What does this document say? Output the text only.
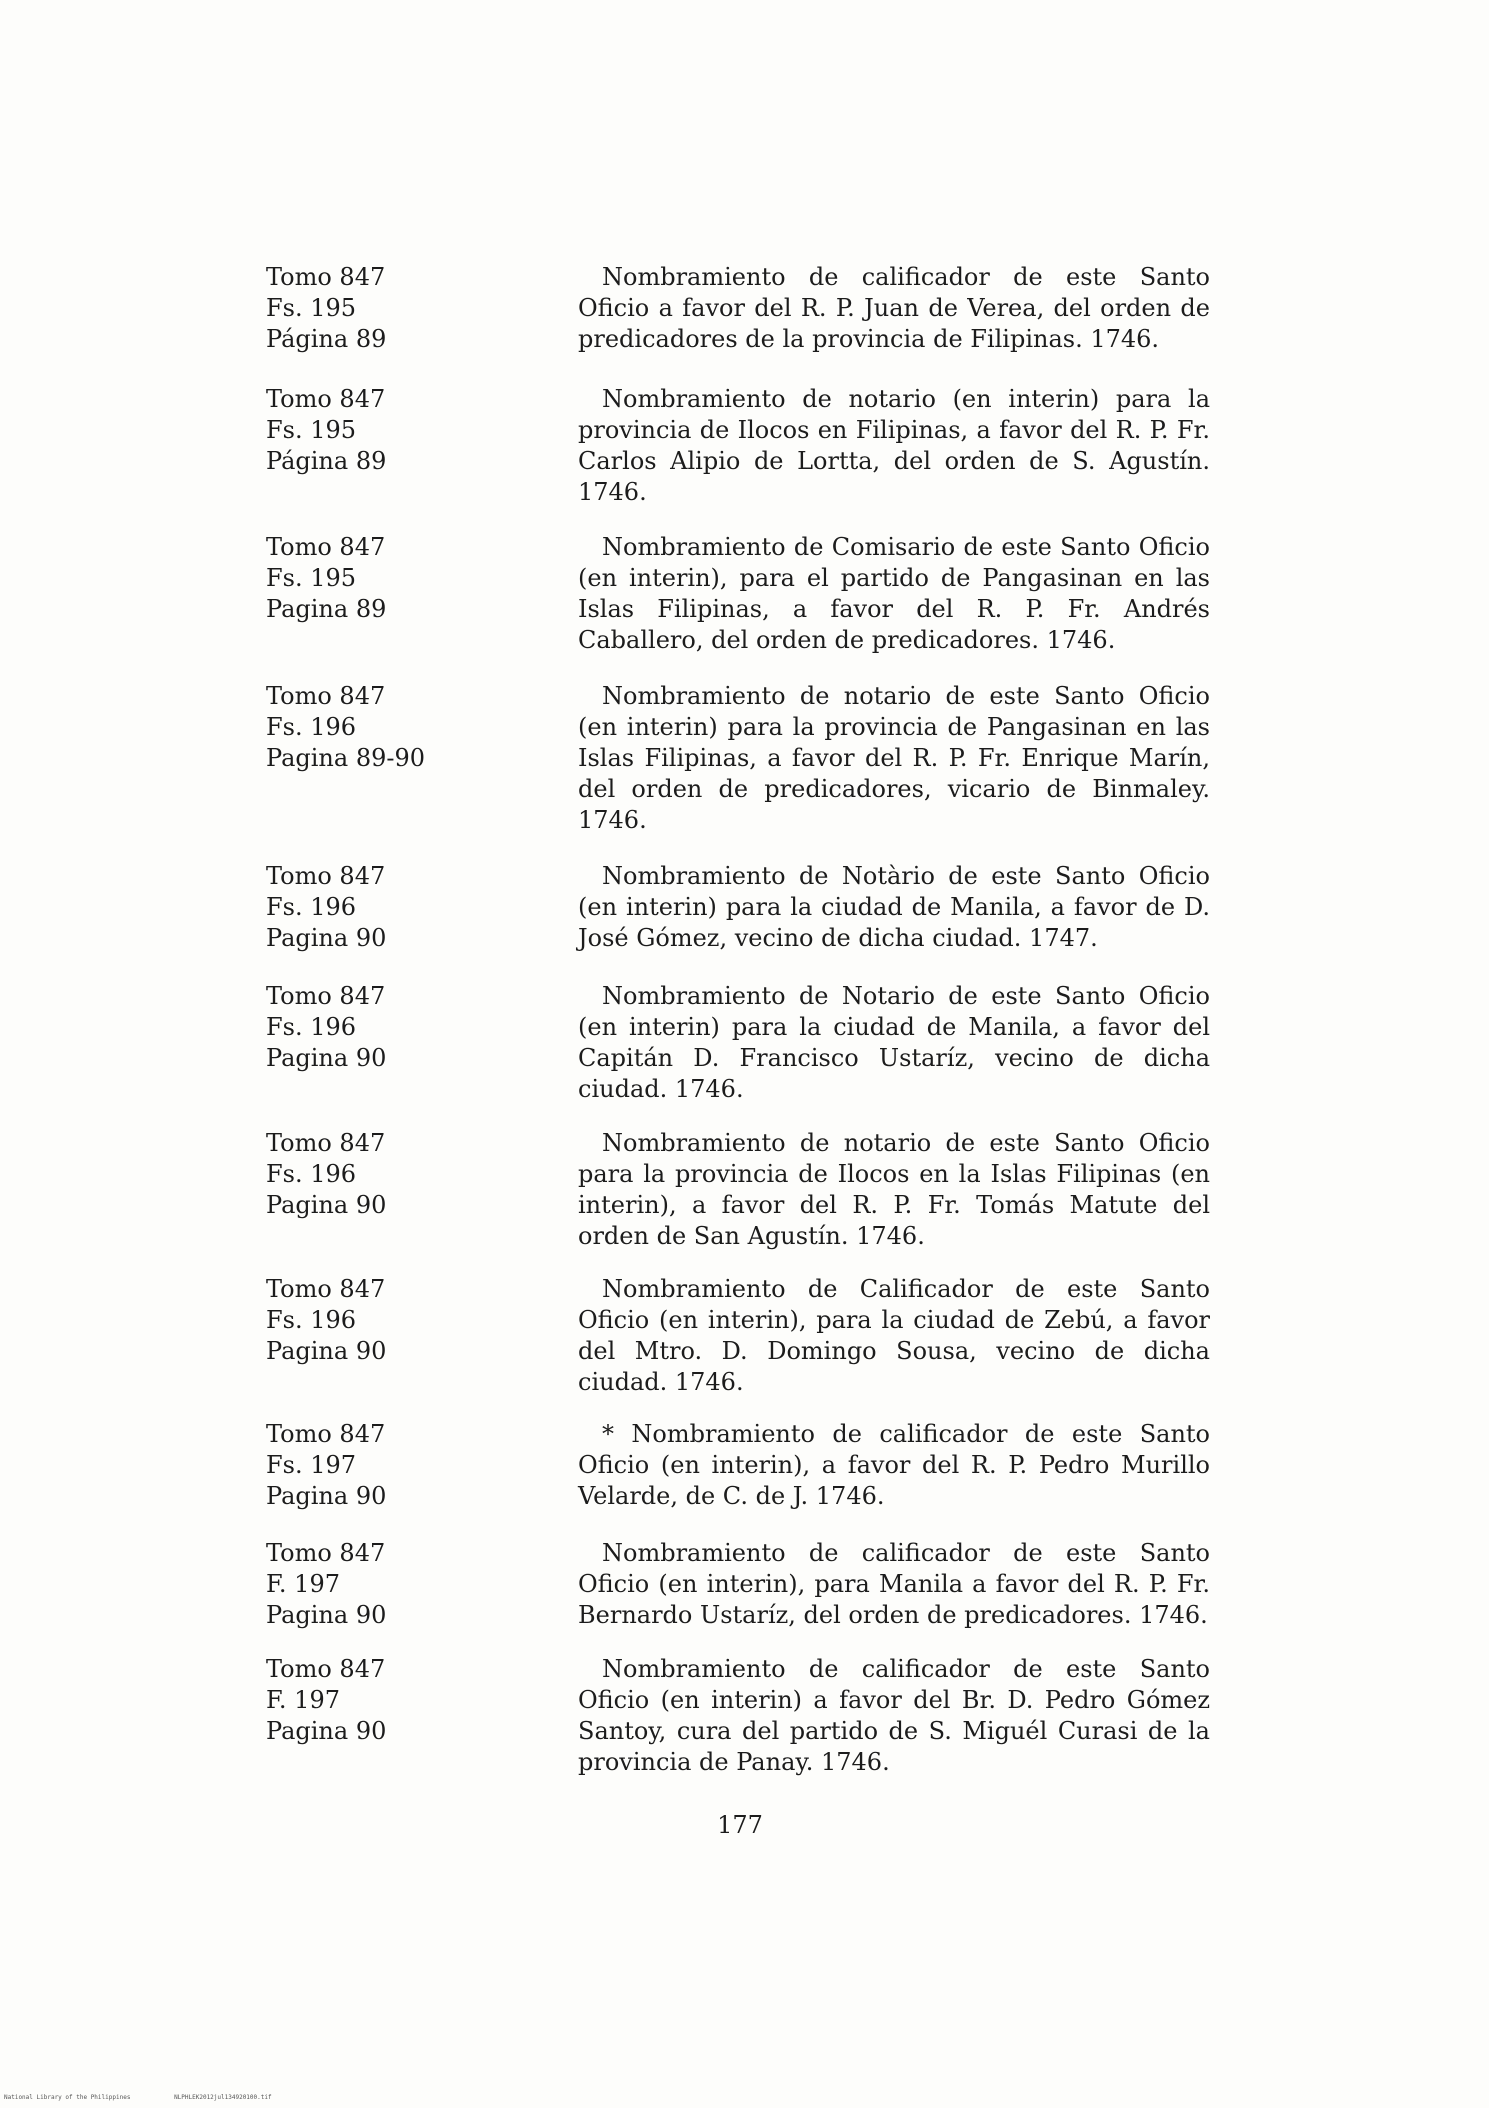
Tomo 847
Fs. 195
Página 89
Nombramiento de calificador de este Santo Oficio a favor del R. P. Juan de Verea, del orden de predicadores de la provincia de Filipinas. 1746.
Tomo 847
Fs. 195
Página 89
Nombramiento de notario (en interin) para la provincia de Ilocos en Filipinas, a favor del R. P. Fr. Carlos Alipio de Lortta, del orden de S. Agustín. 1746.
Tomo 847
Fs. 195
Pagina 89
Nombramiento de Comisario de este Santo Oficio (en interin), para el partido de Pangasinan en las Islas Filipinas, a favor del R. P. Fr. Andrés Caballero, del orden de predicadores. 1746.
Tomo 847
Fs. 196
Pagina 89-90
Nombramiento de notario de este Santo Oficio (en interin) para la provincia de Pangasinan en las Islas Filipinas, a favor del R. P. Fr. Enrique Marín, del orden de predicadores, vicario de Binmaley. 1746.
Tomo 847
Fs. 196
Pagina 90
Nombramiento de Notàrio de este Santo Oficio (en interin) para la ciudad de Manila, a favor de D. José Gómez, vecino de dicha ciudad. 1747.
Tomo 847
Fs. 196
Pagina 90
Nombramiento de Notario de este Santo Oficio (en interin) para la ciudad de Manila, a favor del Capitán D. Francisco Ustaríz, vecino de dicha ciudad. 1746.
Tomo 847
Fs. 196
Pagina 90
Nombramiento de notario de este Santo Oficio para la provincia de Ilocos en la Islas Filipinas (en interin), a favor del R. P. Fr. Tomás Matute del orden de San Agustín. 1746.
Tomo 847
Fs. 196
Pagina 90
Nombramiento de Calificador de este Santo Oficio (en interin), para la ciudad de Zebú, a favor del Mtro. D. Domingo Sousa, vecino de dicha ciudad. 1746.
Tomo 847
Fs. 197
Pagina 90
* Nombramiento de calificador de este Santo Oficio (en interin), a favor del R. P. Pedro Murillo Velarde, de C. de J. 1746.
Tomo 847
F. 197
Pagina 90
Nombramiento de calificador de este Santo Oficio (en interin), para Manila a favor del R. P. Fr. Bernardo Ustaríz, del orden de predicadores. 1746.
Tomo 847
F. 197
Pagina 90
Nombramiento de calificador de este Santo Oficio (en interin) a favor del Br. D. Pedro Gómez Santoy, cura del partido de S. Miguél Curasi de la provincia de Panay. 1746.
177
National Library of the Philippines	NLPHLEK2012jul134920100.tif
